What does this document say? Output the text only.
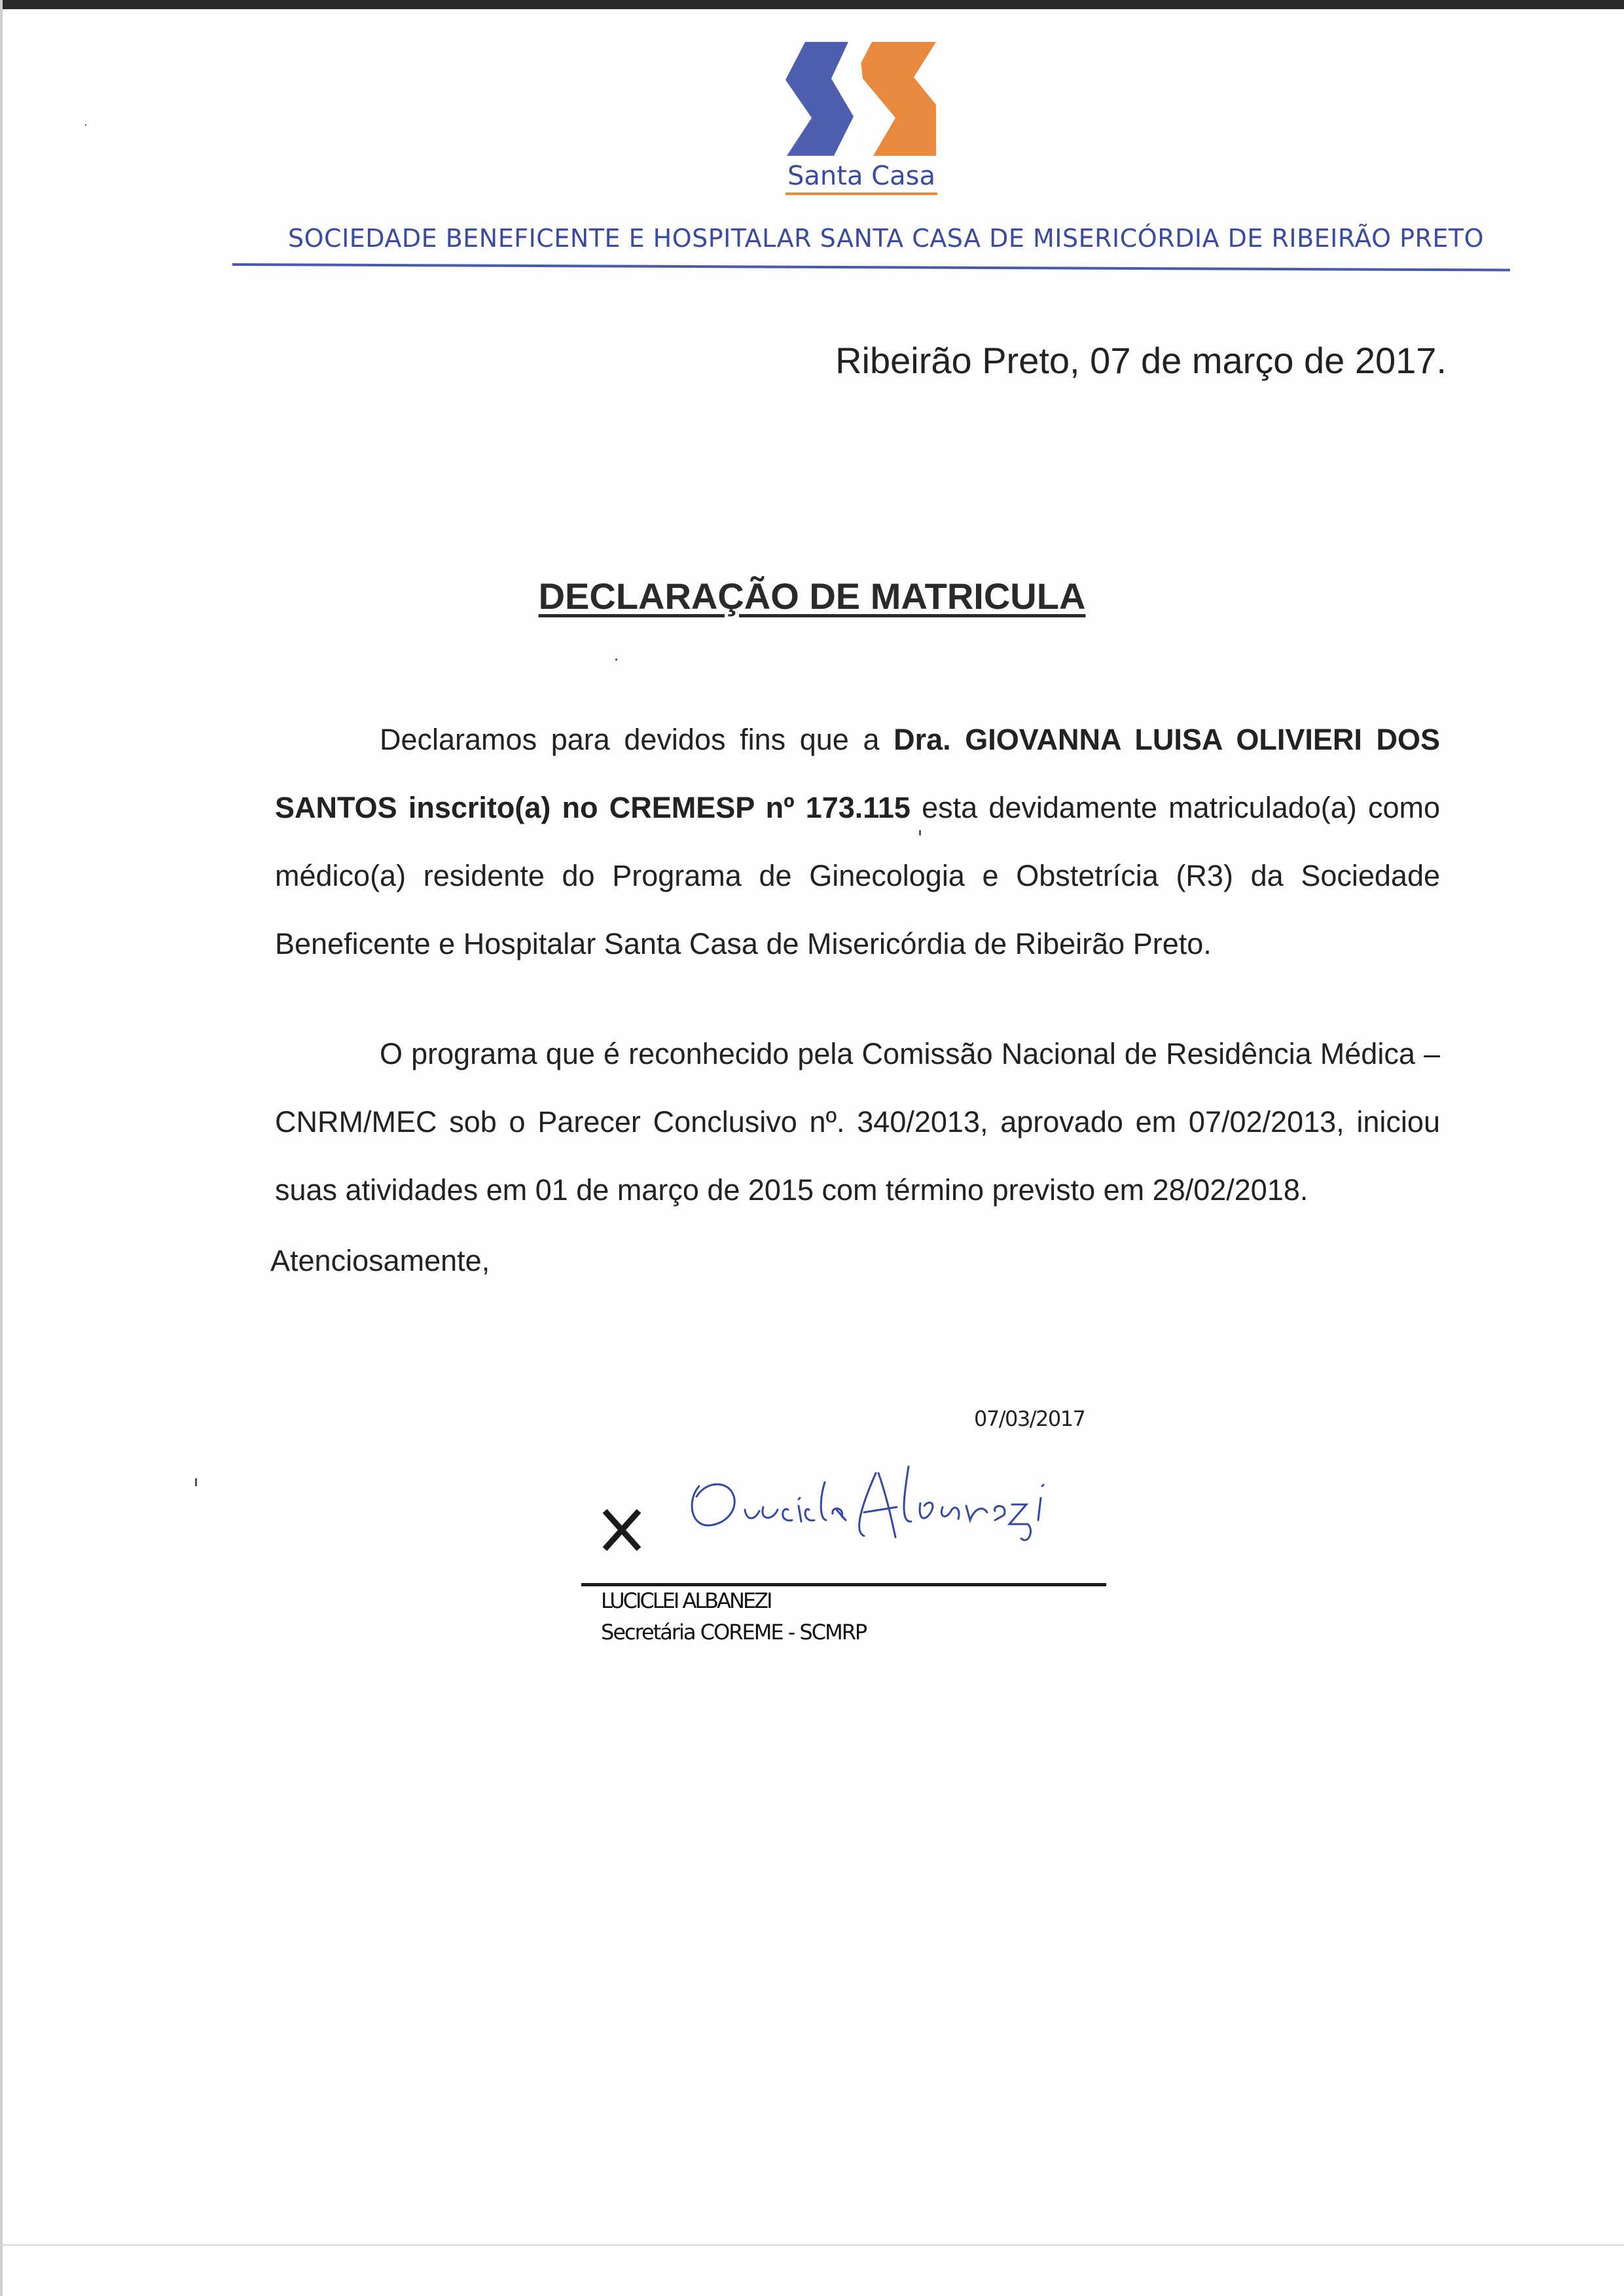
Santa Casa
SOCIEDADE BENEFICENTE E HOSPITALAR SANTA CASA DE MISERICÓRDIA DE RIBEIRÃO PRETO
Ribeirão Preto, 07 de março de 2017.
DECLARAÇÃO DE MATRICULA
Declaramos para devidos fins que a Dra. GIOVANNA LUISA OLIVIERI DOS SANTOS inscrito(a) no CREMESP nº 173.115 esta devidamente matriculado(a) como médico(a) residente do Programa de Ginecologia e Obstetrícia (R3) da Sociedade Beneficente e Hospitalar Santa Casa de Misericórdia de Ribeirão Preto.
O programa que é reconhecido pela Comissão Nacional de Residência Médica – CNRM/MEC sob o Parecer Conclusivo nº. 340/2013, aprovado em 07/02/2013, iniciou suas atividades em 01 de março de 2015 com término previsto em 28/02/2018.
Atenciosamente,
07/03/2017
LUCICLEI ALBANEZI
Secretária COREME - SCMRP
